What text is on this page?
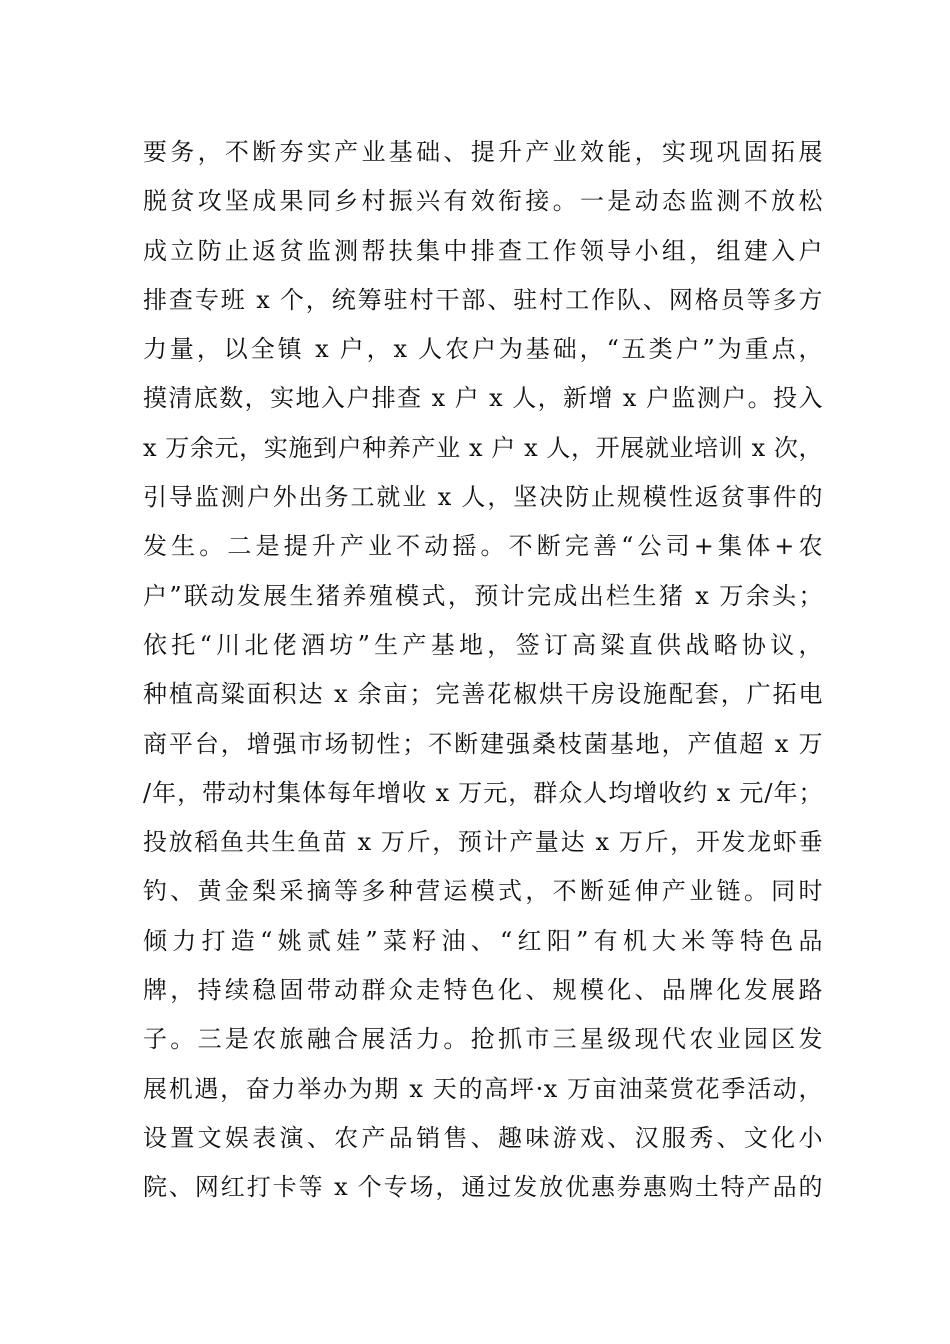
要务，不断夯实产业基础、提升产业效能，实现巩固拓展
脱贫攻坚成果同乡村振兴有效衔接。一是动态监测不放松
成立防止返贫监测帮扶集中排查工作领导小组，组建入户
排查专班 x 个，统筹驻村干部、驻村工作队、网格员等多方
力量，以全镇 x 户，x 人农户为基础，“五类户”为重点，
摸清底数，实地入户排查 x 户 x 人，新增 x 户监测户。投入
x 万余元，实施到户种养产业 x 户 x 人，开展就业培训 x 次，
引导监测户外出务工就业 x 人，坚决防止规模性返贫事件的
发生。二是提升产业不动摇。不断完善“公司+集体+农
户”联动发展生猪养殖模式，预计完成出栏生猪 x 万余头；
依托“川北佬酒坊”生产基地，签订高粱直供战略协议，
种植高粱面积达 x 余亩；完善花椒烘干房设施配套，广拓电
商平台，增强市场韧性；不断建强桑枝菌基地，产值超 x 万
/年，带动村集体每年增收 x 万元，群众人均增收约 x 元/年；
投放稻鱼共生鱼苗 x 万斤，预计产量达 x 万斤，开发龙虾垂
钓、黄金梨采摘等多种营运模式，不断延伸产业链。同时
倾力打造“姚贰娃”菜籽油、“红阳”有机大米等特色品
牌，持续稳固带动群众走特色化、规模化、品牌化发展路
子。三是农旅融合展活力。抢抓市三星级现代农业园区发
展机遇，奋力举办为期 x 天的高坪·x 万亩油菜赏花季活动，
设置文娱表演、农产品销售、趣味游戏、汉服秀、文化小
院、网红打卡等 x 个专场，通过发放优惠券惠购土特产品的
